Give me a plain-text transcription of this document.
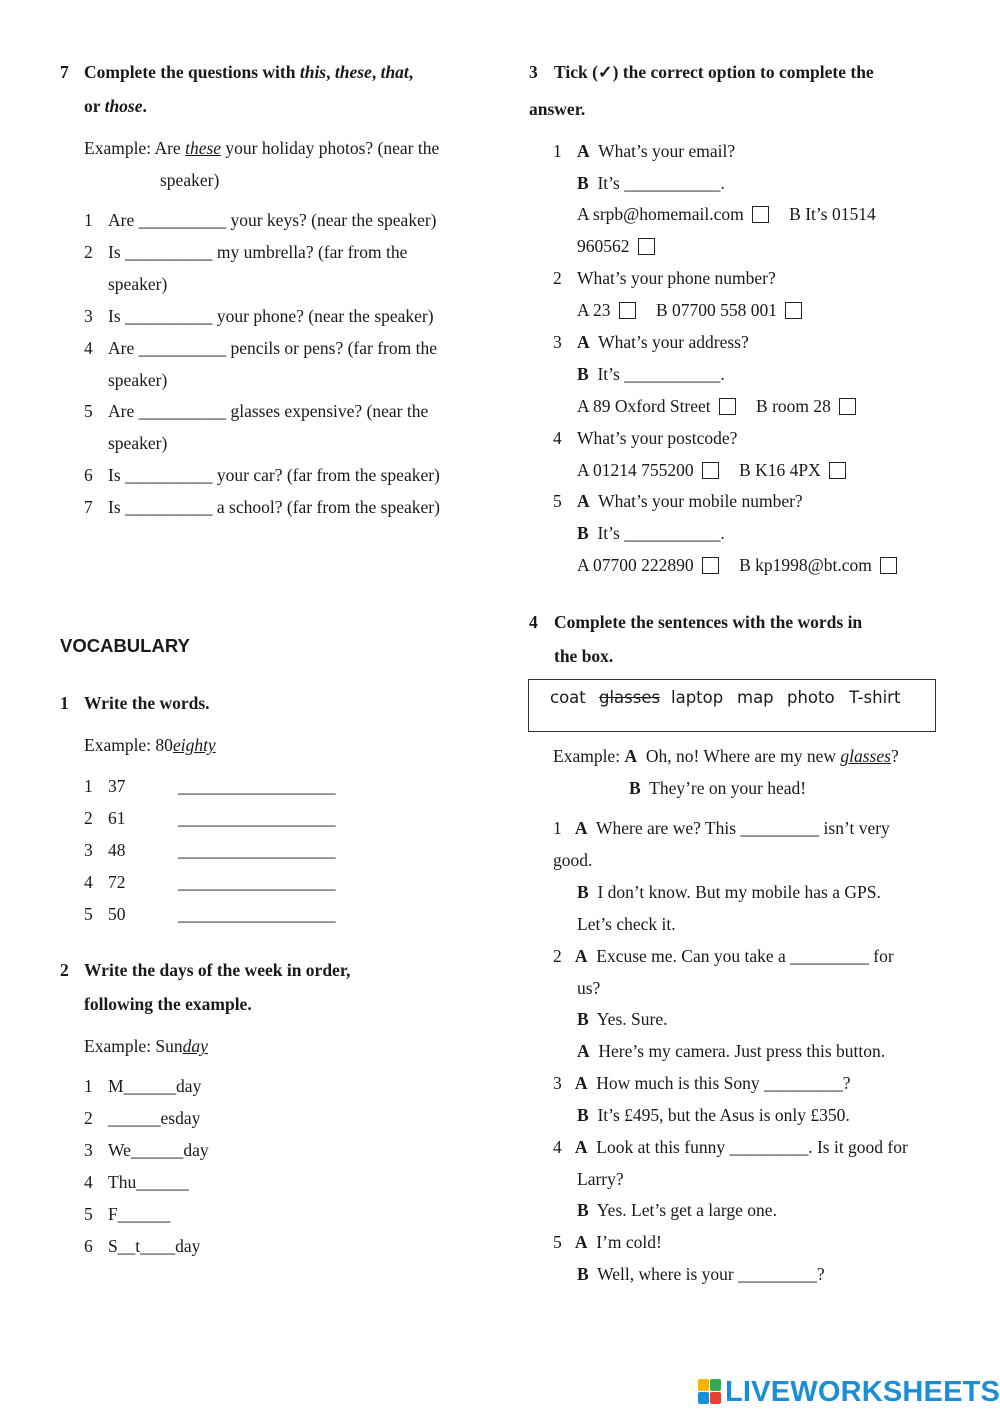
7 Complete the questions with this, these, that,
or those.
Example: Are these your holiday photos? (near the
speaker)
1 Are __________ your keys? (near the speaker)
2 Is __________ my umbrella? (far from the
speaker)
3 Is __________ your phone? (near the speaker)
4 Are __________ pencils or pens? (far from the
speaker)
5 Are __________ glasses expensive? (near the
speaker)
6 Is __________ your car? (far from the speaker)
7 Is __________ a school? (far from the speaker)
VOCABULARY
1 Write the words.
Example: 80eighty
1 37	__________________
2 61	__________________
3 48	__________________
4 72	__________________
5 50	__________________
2 Write the days of the week in order,
following the example.
Example: Sunday
1 M______day
2 ______esday
3 We______day
4 Thu______
5 F______
6 S__t____day
3 Tick (✓) the correct option to complete the
answer.
1 A What’s your email?
B It’s ___________.
A srpb@homemail.com	B It’s 01514
960562
2 What’s your phone number?
A 23	B 07700 558 001
3 A What’s your address?
B It’s ___________.
A 89 Oxford Street	B room 28
4 What’s your postcode?
A 01214 755200	B K16 4PX
5 A What’s your mobile number?
B It’s ___________.
A 07700 222890	B kp1998@bt.com
4 Complete the sentences with the words in
the box.
coat glasses laptop map photo T-shirt
Example: A Oh, no! Where are my new glasses?
B They’re on your head!
1 A Where are we? This _________ isn’t very
good.
B I don’t know. But my mobile has a GPS.
Let’s check it.
2 A Excuse me. Can you take a _________ for
us?
B Yes. Sure.
A Here’s my camera. Just press this button.
3 A How much is this Sony _________?
B It’s £495, but the Asus is only £350.
4 A Look at this funny _________. Is it good for
Larry?
B Yes. Let’s get a large one.
5 A I’m cold!
B Well, where is your _________?
LIVEWORKSHEETS
